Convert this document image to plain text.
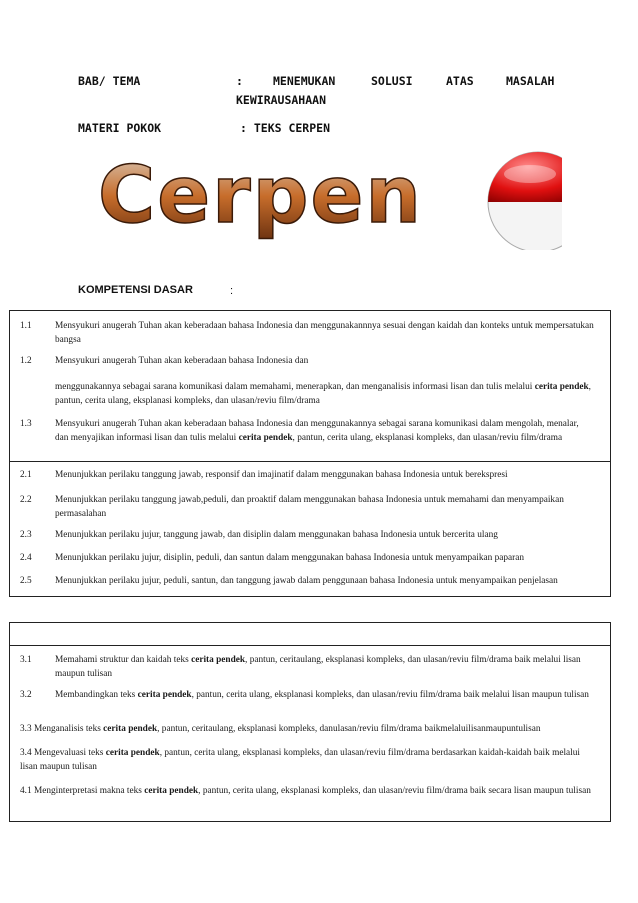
BAB/ TEMA	:	MENEMUKAN	SOLUSI	ATAS	MASALAH
KEWIRAUSAHAAN
MATERI POKOK	: TEKS CERPEN
Cerpen
KOMPETENSI DASAR	:
1.1	Mensyukuri anugerah Tuhan akan keberadaan bahasa Indonesia dan menggunakannnya sesuai dengan kaidah dan konteks untuk mempersatukan bangsa
1.2	Mensyukuri anugerah Tuhan akan keberadaan bahasa Indonesia dan
menggunakannya sebagai sarana komunikasi dalam memahami, menerapkan, dan menganalisis informasi lisan dan tulis melalui cerita pendek, pantun, cerita ulang, eksplanasi kompleks, dan ulasan/reviu film/drama
1.3	Mensyukuri anugerah Tuhan akan keberadaan bahasa Indonesia dan menggunakannya sebagai sarana komunikasi dalam mengolah, menalar, dan menyajikan informasi lisan dan tulis melalui cerita pendek, pantun, cerita ulang, eksplanasi kompleks, dan ulasan/reviu film/drama
2.1	Menunjukkan perilaku tanggung jawab, responsif dan imajinatif dalam menggunakan bahasa Indonesia untuk berekspresi
2.2	Menunjukkan perilaku tanggung jawab,peduli, dan proaktif dalam menggunakan bahasa Indonesia untuk memahami dan menyampaikan permasalahan
2.3	Menunjukkan perilaku jujur, tanggung jawab, dan disiplin dalam menggunakan bahasa Indonesia untuk bercerita ulang
2.4	Menunjukkan perilaku jujur, disiplin, peduli, dan santun dalam menggunakan bahasa Indonesia untuk menyampaikan paparan
2.5	Menunjukkan perilaku jujur, peduli, santun, dan tanggung jawab dalam penggunaan bahasa Indonesia untuk menyampaikan penjelasan
3.1	Memahami struktur dan kaidah teks cerita pendek, pantun, ceritaulang, eksplanasi kompleks, dan ulasan/reviu film/drama baik melalui lisan maupun tulisan
3.2	Membandingkan teks cerita pendek, pantun, cerita ulang, eksplanasi kompleks, dan ulasan/reviu film/drama baik melalui lisan maupun tulisan
3.3 Menganalisis teks cerita pendek, pantun, ceritaulang, eksplanasi kompleks, danulasan/reviu film/drama baikmelaluilisanmaupuntulisan
3.4 Mengevaluasi teks cerita pendek, pantun, cerita ulang, eksplanasi kompleks, dan ulasan/reviu film/drama berdasarkan kaidah-kaidah baik melalui lisan maupun tulisan
4.1 Menginterpretasi makna teks cerita pendek, pantun, cerita ulang, eksplanasi kompleks, dan ulasan/reviu film/drama baik secara lisan maupun tulisan
